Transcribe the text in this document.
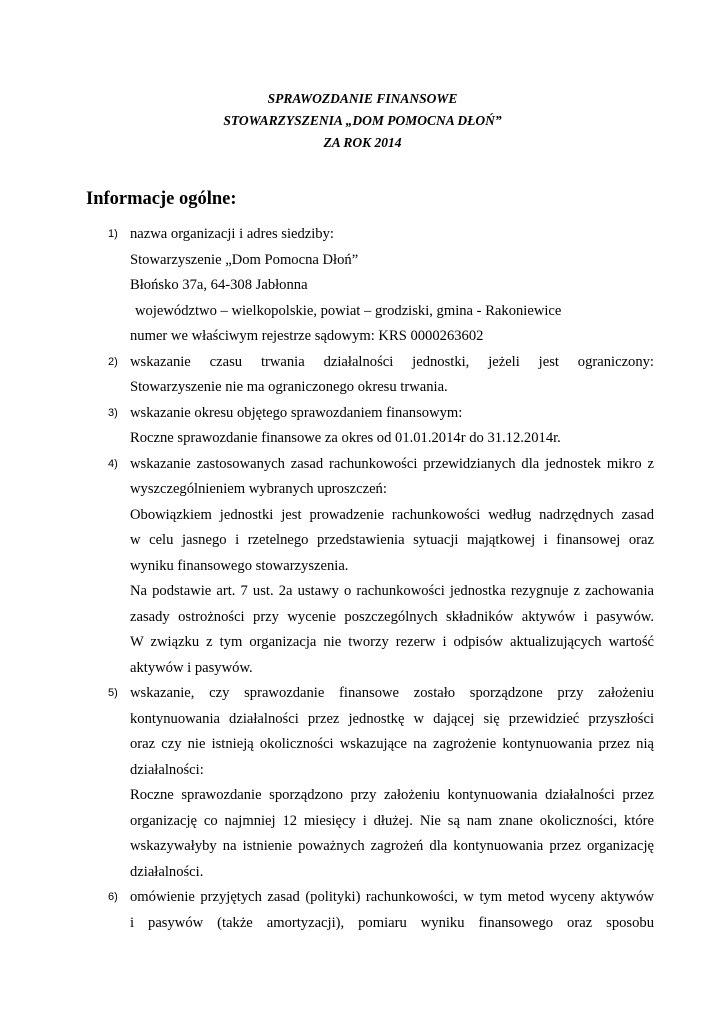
SPRAWOZDANIE FINANSOWE

STOWARZYSZENIA „DOM POMOCNA DŁOŃ”

ZA ROK 2014

Informacje ogólne:
1) nazwa organizacji i adres siedziby:
Stowarzyszenie „Dom Pomocna Dłoń”
Błońsko 37a, 64-308 Jabłonna
województwo – wielkopolskie, powiat – grodziski, gmina - Rakoniewice
numer we właściwym rejestrze sądowym: KRS 0000263602
2) wskazanie czasu trwania działalności jednostki, jeżeli jest ograniczony:
Stowarzyszenie nie ma ograniczonego okresu trwania.
3) wskazanie okresu objętego sprawozdaniem finansowym:
Roczne sprawozdanie finansowe za okres od 01.01.2014r do 31.12.2014r.
4) wskazanie zastosowanych zasad rachunkowości przewidzianych dla jednostek mikro z
wyszczególnieniem wybranych uproszczeń:
Obowiązkiem jednostki jest prowadzenie rachunkowości według nadrzędnych zasad
w celu jasnego i rzetelnego przedstawienia sytuacji majątkowej i finansowej oraz
wyniku finansowego stowarzyszenia.
Na podstawie art. 7 ust. 2a ustawy o rachunkowości jednostka rezygnuje z zachowania
zasady ostrożności przy wycenie poszczególnych składników aktywów i pasywów.
W związku z tym organizacja nie tworzy rezerw i odpisów aktualizujących wartość
aktywów i pasywów.
5) wskazanie, czy sprawozdanie finansowe zostało sporządzone przy założeniu
kontynuowania działalności przez jednostkę w dającej się przewidzieć przyszłości
oraz czy nie istnieją okoliczności wskazujące na zagrożenie kontynuowania przez nią
działalności:
Roczne sprawozdanie sporządzono przy założeniu kontynuowania działalności przez
organizację co najmniej 12 miesięcy i dłużej. Nie są nam znane okoliczności, które
wskazywałyby na istnienie poważnych zagrożeń dla kontynuowania przez organizację
działalności.
6) omówienie przyjętych zasad (polityki) rachunkowości, w tym metod wyceny aktywów
i pasywów (także amortyzacji), pomiaru wyniku finansowego oraz sposobu
